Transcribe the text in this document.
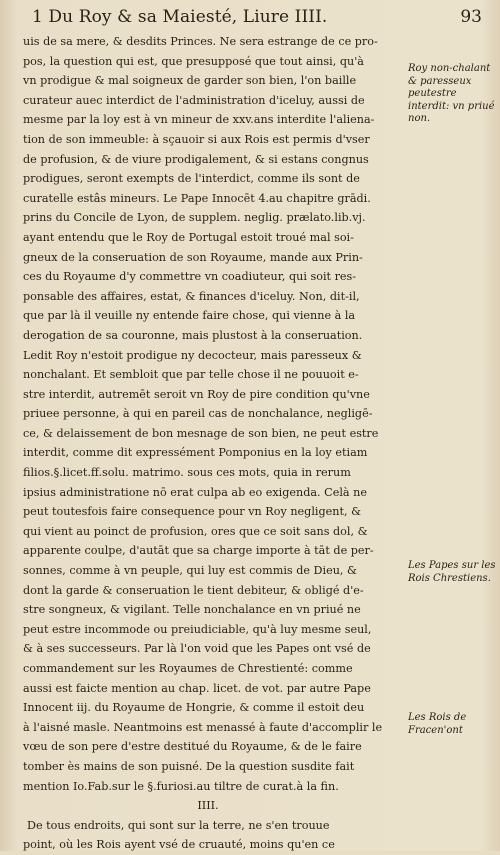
1 Du Roy & sa Maiesté, Liure IIII.	93
uis de sa mere, & desdits Princes. Ne sera estrange de ce pro-
pos, la question qui est, que presupposé que tout ainsi, qu'à
vn prodigue & mal soigneux de garder son bien, l'on baille
curateur auec interdict de l'administration d'iceluy, aussi de
mesme par la loy est à vn mineur de xxv.ans interdite l'aliena-
tion de son immeuble: à sçauoir si aux Rois est permis d'vser
de profusion, & de viure prodigalement, & si estans congnus
prodigues, seront exempts de l'interdict, comme ils sont de
curatelle estâs mineurs. Le Pape Innocēt 4.au chapitre grādi.
prins du Concile de Lyon, de supplem. neglig. prælato.lib.vj.
ayant entendu que le Roy de Portugal estoit troué mal soi-
gneux de la conseruation de son Royaume, mande aux Prin-
ces du Royaume d'y commettre vn coadiuteur, qui soit res-
ponsable des affaires, estat, & finances d'iceluy. Non, dit-il,
que par là il veuille ny entende faire chose, qui vienne à la
derogation de sa couronne, mais plustost à la conseruation.
Ledit Roy n'estoit prodigue ny decocteur, mais paresseux &
nonchalant. Et sembloit que par telle chose il ne pouuoit e-
stre interdit, autremēt seroit vn Roy de pire condition qu'vne
priuee personne, à qui en pareil cas de nonchalance, negligē-
ce, & delaissement de bon mesnage de son bien, ne peut estre
interdit, comme dit expressément Pomponius en la loy etiam
filios.§.licet.ff.solu. matrimo. sous ces mots, quia in rerum
ipsius administratione nō erat culpa ab eo exigenda. Celà ne
peut toutesfois faire consequence pour vn Roy negligent, &
qui vient au poinct de profusion, ores que ce soit sans dol, &
apparente coulpe, d'autāt que sa charge importe à tāt de per-
sonnes, comme à vn peuple, qui luy est commis de Dieu, &
dont la garde & conseruation le tient debiteur, & obligé d'e-
stre songneux, & vigilant. Telle nonchalance en vn priué ne
peut estre incommode ou preiudiciable, qu'à luy mesme seul,
& à ses successeurs. Par là l'on void que les Papes ont vsé de
commandement sur les Royaumes de Chrestienté: comme
aussi est faicte mention au chap. licet. de vot. par autre Pape
Innocent iij. du Royaume de Hongrie, & comme il estoit deu
à l'aisné masle. Neantmoins est menassé à faute d'accomplir le
vœu de son pere d'estre destitué du Royaume, & de le faire
tomber ès mains de son puisné. De la question susdite fait
mention Io.Fab.sur le §.furiosi.au tiltre de curat.à la fin.
IIII.
De tous endroits, qui sont sur la terre, ne s'en trouue
point, où les Rois ayent vsé de cruauté, moins qu'en ce
Roy non-chalant & paresseux peutestre interdit: vn priué non.
Les Papes sur les Rois Chrestiens.
Les Rois de Fracen'ont
